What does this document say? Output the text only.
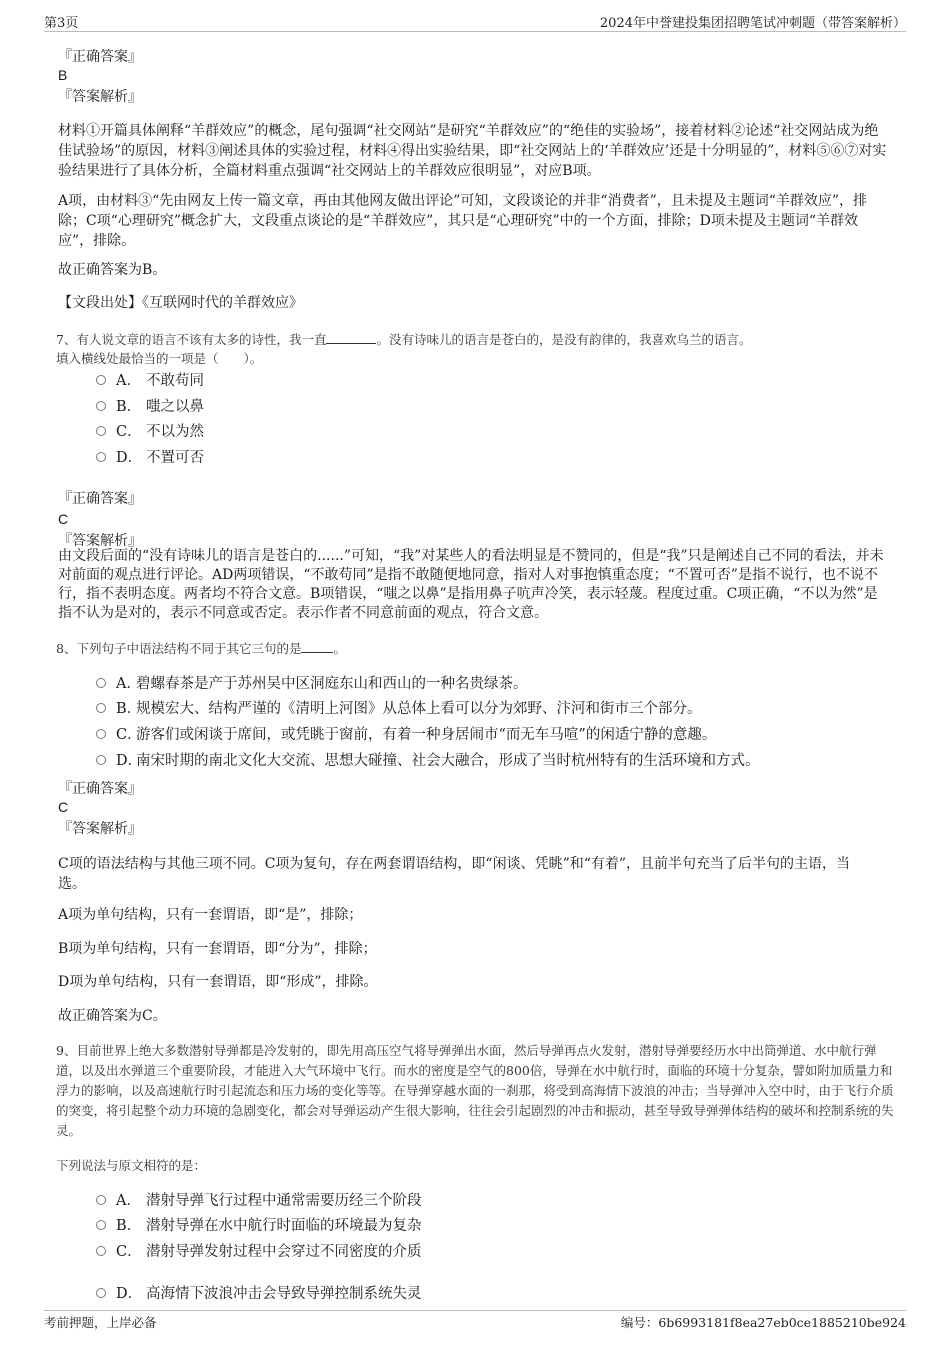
第3页	2024年中誉建投集团招聘笔试冲刺题（带答案解析）

『正确答案』

B

『答案解析』

材料①开篇具体阐释“羊群效应”的概念，尾句强调“社交网站”是研究“羊群效应”的“绝佳的实验场”，接着材料②论述“社交网站成为绝佳试验场”的原因，材料③阐述具体的实验过程，材料④得出实验结果，即“社交网站上的‘羊群效应’还是十分明显的”，材料⑤⑥⑦对实验结果进行了具体分析，全篇材料重点强调“社交网站上的羊群效应很明显”，对应B项。

A项，由材料③“先由网友上传一篇文章，再由其他网友做出评论”可知，文段谈论的并非“消费者”，且未提及主题词“羊群效应”，排除；C项“心理研究”概念扩大，文段重点谈论的是“羊群效应”，其只是“心理研究”中的一个方面，排除；D项未提及主题词“羊群效应”，排除。

故正确答案为B。

【文段出处】《互联网时代的羊群效应》

7、有人说文章的语言不该有太多的诗性，我一直	。没有诗味儿的语言是苍白的，是没有韵律的，我喜欢乌兰的语言。

填入横线处最恰当的一项是（　　）。

A． 不敢苟同
B． 嗤之以鼻
C． 不以为然
D． 不置可否

『正确答案』

C

『答案解析』

由文段后面的“没有诗味儿的语言是苍白的......”可知，“我”对某些人的看法明显是不赞同的，但是“我”只是阐述自己不同的看法，并未对前面的观点进行评论。AD两项错误，“不敢苟同”是指不敢随便地同意，指对人对事抱慎重态度；“不置可否”是指不说行，也不说不行，指不表明态度。两者均不符合文意。B项错误，“嗤之以鼻”是指用鼻子吭声冷笑，表示轻蔑。程度过重。C项正确，“不以为然”是指不认为是对的，表示不同意或否定。表示作者不同意前面的观点，符合文意。

8、下列句子中语法结构不同于其它三句的是	。

A．碧螺春茶是产于苏州吴中区洞庭东山和西山的一种名贵绿茶。
B．规模宏大、结构严谨的《清明上河图》从总体上看可以分为郊野、汴河和街市三个部分。
C．游客们或闲谈于席间，或凭眺于窗前，有着一种身居闹市“而无车马喧”的闲适宁静的意趣。
D．南宋时期的南北文化大交流、思想大碰撞、社会大融合，形成了当时杭州特有的生活环境和方式。

『正确答案』

C

『答案解析』

C项的语法结构与其他三项不同。C项为复句，存在两套谓语结构，即“闲谈、凭眺”和“有着”，且前半句充当了后半句的主语，当选。

A项为单句结构，只有一套谓语，即“是”，排除；

B项为单句结构，只有一套谓语，即“分为”，排除；

D项为单句结构，只有一套谓语，即“形成”，排除。

故正确答案为C。

9、目前世界上绝大多数潜射导弹都是冷发射的，即先用高压空气将导弹弹出水面，然后导弹再点火发射，潜射导弹要经历水中出筒弹道、水中航行弹道，以及出水弹道三个重要阶段，才能进入大气环境中飞行。而水的密度是空气的800倍，导弹在水中航行时，面临的环境十分复杂，譬如附加质量力和浮力的影响，以及高速航行时引起流态和压力场的变化等等。在导弹穿越水面的一刹那，将受到高海情下波浪的冲击；当导弹冲入空中时，由于飞行介质的突变，将引起整个动力环境的急剧变化，都会对导弹运动产生很大影响，往往会引起剧烈的冲击和振动，甚至导致导弹弹体结构的破坏和控制系统的失灵。

下列说法与原文相符的是：

A． 潜射导弹飞行过程中通常需要历经三个阶段
B． 潜射导弹在水中航行时面临的环境最为复杂
C． 潜射导弹发射过程中会穿过不同密度的介质
D． 高海情下波浪冲击会导致导弹控制系统失灵
考前押题，上岸必备	编号：6b6993181f8ea27eb0ce1885210be924
